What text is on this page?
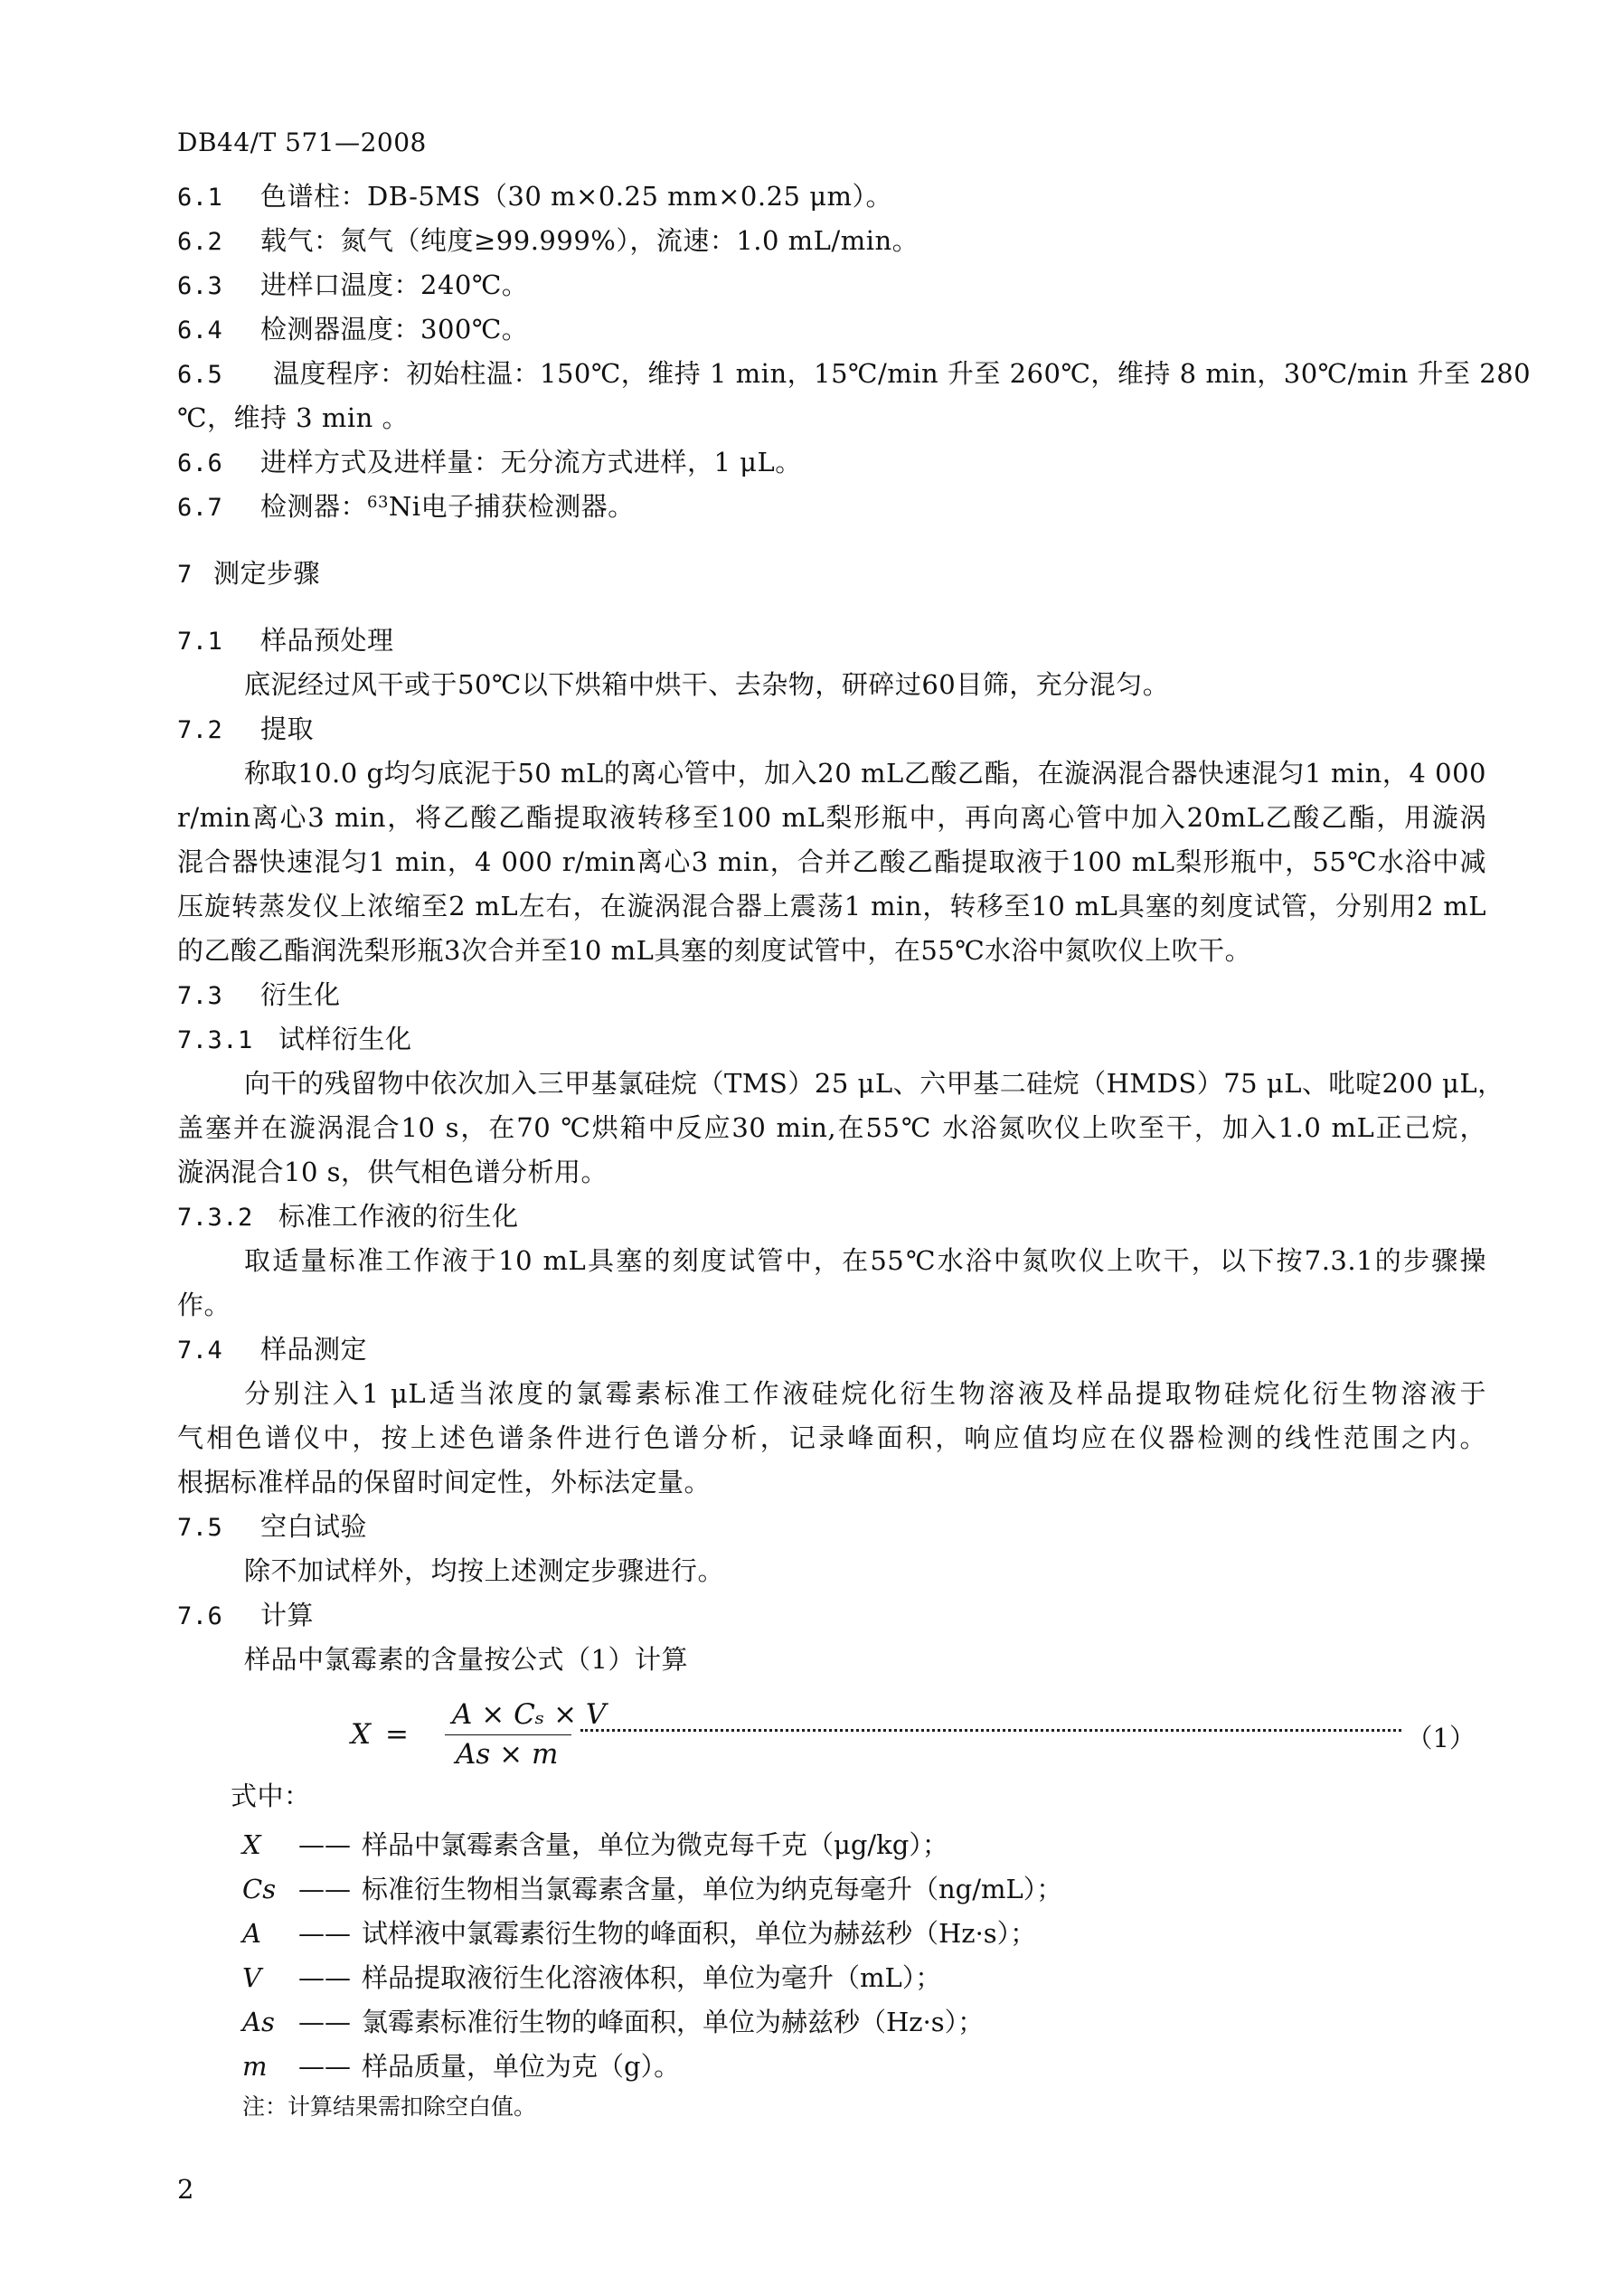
DB44/T 571—2008
6.1 色谱柱：DB-5MS（30 m×0.25 mm×0.25 μm）。
6.2 载气：氮气（纯度≥99.999%），流速：1.0 mL/min。
6.3 进样口温度：240℃。
6.4 检测器温度：300℃。
6.5 温度程序：初始柱温：150℃，维持 1 min，15℃/min 升至 260℃，维持 8 min，30℃/min 升至 280
℃，维持 3 min 。
6.6 进样方式及进样量：无分流方式进样，1 μL。
6.7 检测器：$^{63}$Ni电子捕获检测器。
7 测定步骤
7.1 样品预处理
底泥经过风干或于50℃以下烘箱中烘干、去杂物，研碎过60目筛，充分混匀。
7.2 提取
称取10.0 g均匀底泥于50 mL的离心管中，加入20 mL乙酸乙酯，在漩涡混合器快速混匀1 min，4 000
r/min离心3 min，将乙酸乙酯提取液转移至100 mL梨形瓶中，再向离心管中加入20mL乙酸乙酯，用漩涡
混合器快速混匀1 min，4 000 r/min离心3 min，合并乙酸乙酯提取液于100 mL梨形瓶中，55℃水浴中减
压旋转蒸发仪上浓缩至2 mL左右，在漩涡混合器上震荡1 min，转移至10 mL具塞的刻度试管，分别用2 mL
的乙酸乙酯润洗梨形瓶3次合并至10 mL具塞的刻度试管中，在55℃水浴中氮吹仪上吹干。
7.3 衍生化
7.3.1 试样衍生化
向干的残留物中依次加入三甲基氯硅烷（TMS）25 μL、六甲基二硅烷（HMDS）75 μL、吡啶200 μL，
盖塞并在漩涡混合10 s，在70 ℃烘箱中反应30 min,在55℃ 水浴氮吹仪上吹至干，加入1.0 mL正己烷，
漩涡混合10 s，供气相色谱分析用。
7.3.2 标准工作液的衍生化
取适量标准工作液于10 mL具塞的刻度试管中，在55℃水浴中氮吹仪上吹干，以下按7.3.1的步骤操
作。
7.4 样品测定
分别注入1 μL适当浓度的氯霉素标准工作液硅烷化衍生物溶液及样品提取物硅烷化衍生物溶液于
气相色谱仪中，按上述色谱条件进行色谱分析，记录峰面积，响应值均应在仪器检测的线性范围之内。
根据标准样品的保留时间定性，外标法定量。
7.5 空白试验
除不加试样外，均按上述测定步骤进行。
7.6 计算
样品中氯霉素的含量按公式（1）计算
X =
A × Cₛ × V
As × m	（1）
式中：
X —— 样品中氯霉素含量，单位为微克每千克（μg/kg）；
Cs —— 标准衍生物相当氯霉素含量，单位为纳克每毫升（ng/mL）；
A —— 试样液中氯霉素衍生物的峰面积，单位为赫兹秒（Hz·s）；
V —— 样品提取液衍生化溶液体积，单位为毫升（mL）；
As —— 氯霉素标准衍生物的峰面积，单位为赫兹秒（Hz·s）；
m —— 样品质量，单位为克（g）。
注：计算结果需扣除空白值。
2
